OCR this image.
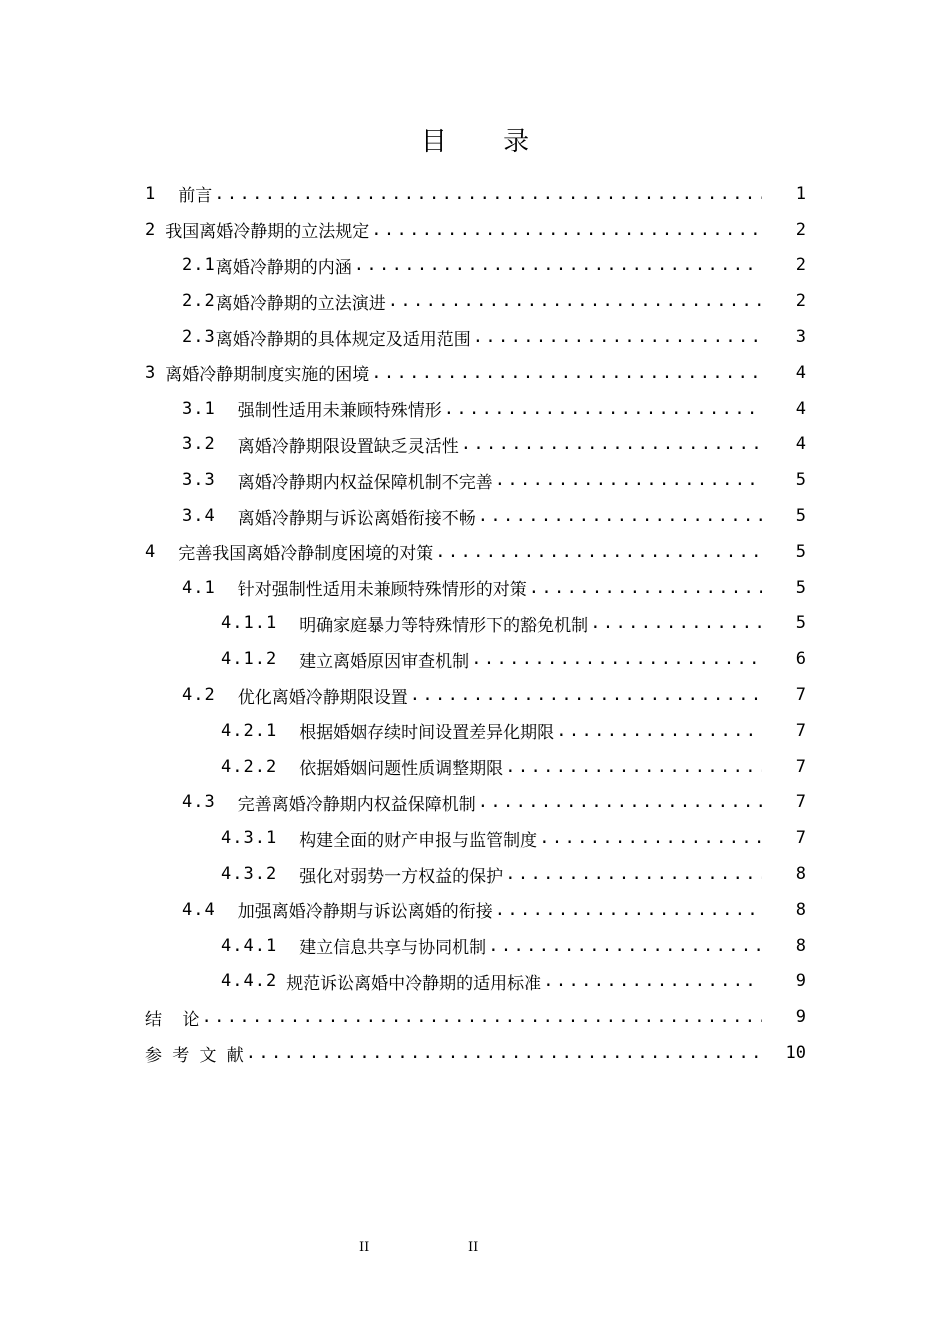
目 录
1 前言 .....	1
2 我国离婚冷静期的立法规定 .....	2
2.1 离婚冷静期的内涵 .....	2
2.2 离婚冷静期的立法演进 .....	2
2.3 离婚冷静期的具体规定及适用范围 .....	3
3 离婚冷静期制度实施的困境 .....	4
3.1 强制性适用未兼顾特殊情形 .....	4
3.2 离婚冷静期限设置缺乏灵活性 .....	4
3.3 离婚冷静期内权益保障机制不完善 .....	5
3.4 离婚冷静期与诉讼离婚衔接不畅 .....	5
4 完善我国离婚冷静制度困境的对策 .....	5
4.1 针对强制性适用未兼顾特殊情形的对策 .....	5
4.1.1 明确家庭暴力等特殊情形下的豁免机制 .....	5
4.1.2 建立离婚原因审查机制 .....	6
4.2 优化离婚冷静期限设置 .....	7
4.2.1 根据婚姻存续时间设置差异化期限 .....	7
4.2.2 依据婚姻问题性质调整期限 .....	7
4.3 完善离婚冷静期内权益保障机制 .....	7
4.3.1 构建全面的财产申报与监管制度 .....	7
4.3.2 强化对弱势一方权益的保护 .....	8
4.4 加强离婚冷静期与诉讼离婚的衔接 .....	8
4.4.1 建立信息共享与协同机制 .....	8
4.4.2 规范诉讼离婚中冷静期的适用标准 .....	9
结  论 .....	9
参 考 文 献 .....	10
II	II
